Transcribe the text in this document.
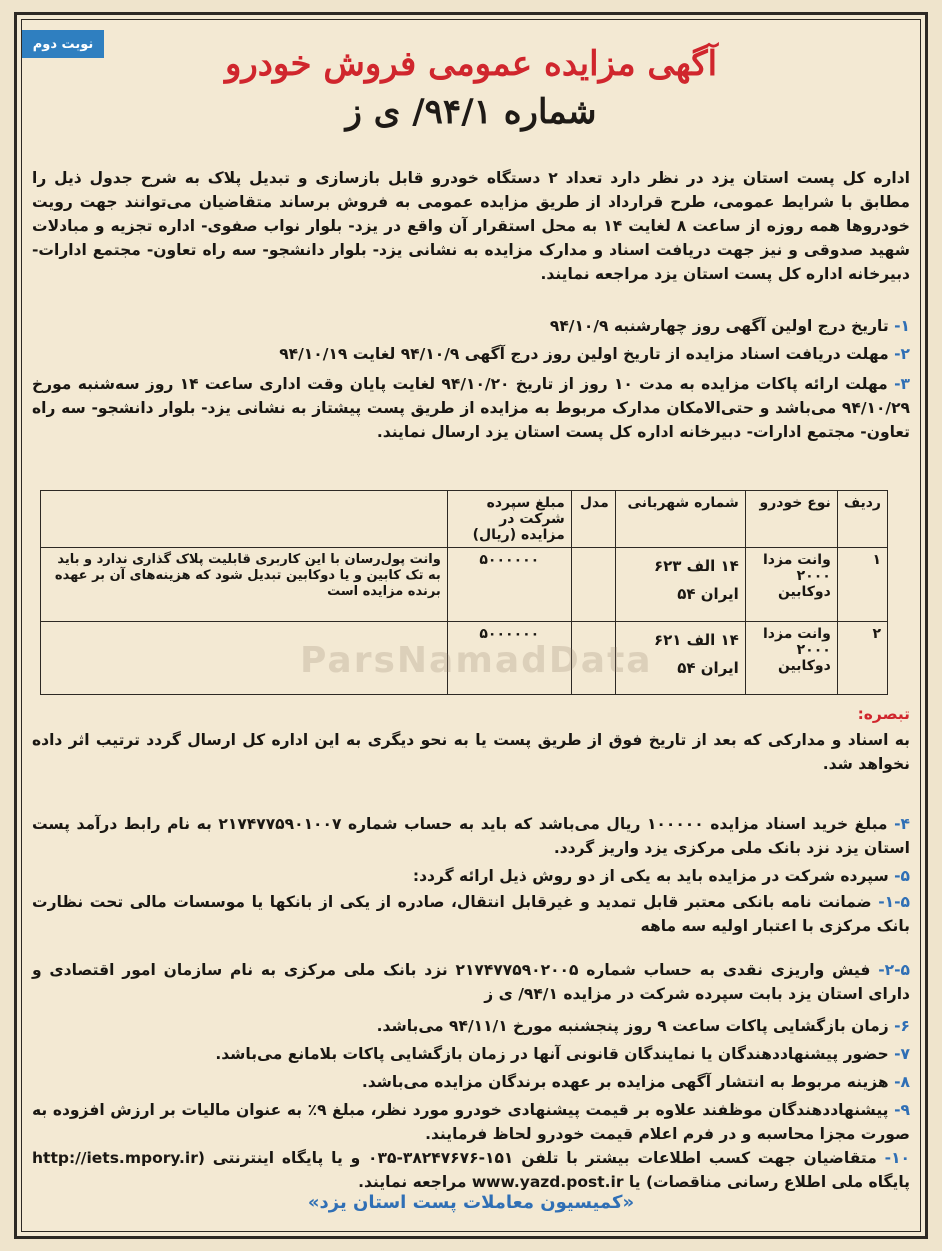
نوبت دوم	آگهی مزایده عمومی فروش خودرو
شماره ۹۴/۱/ ی ز
اداره کل پست استان یزد در نظر دارد تعداد ۲ دستگاه خودرو قابل بازسازی و تبدیل پلاک به شرح جدول ذیل را مطابق با شرایط عمومی، طرح قرارداد از طریق مزایده عمومی به فروش برساند متقاضیان می‌توانند جهت رویت خودروها همه روزه از ساعت ۸ لغایت ۱۴ به محل استقرار آن واقع در یزد- بلوار نواب صفوی- اداره تجزیه و مبادلات شهید صدوقی و نیز جهت دریافت اسناد و مدارک مزایده به نشانی یزد- بلوار دانشجو- سه راه تعاون- مجتمع ادارات- دبیرخانه اداره کل پست استان یزد مراجعه نمایند.
۱- تاریخ درج اولین آگهی روز چهارشنبه ۹۴/۱۰/۹
۲- مهلت دریافت اسناد مزایده از تاریخ اولین روز درج آگهی ۹۴/۱۰/۹ لغایت ۹۴/۱۰/۱۹
۳- مهلت ارائه پاکات مزایده به مدت ۱۰ روز از تاریخ ۹۴/۱۰/۲۰ لغایت پایان وقت اداری ساعت ۱۴ روز سه‌شنبه مورخ ۹۴/۱۰/۲۹ می‌باشد و حتی‌الامکان مدارک مربوط به مزایده از طریق پست پیشتاز به نشانی یزد- بلوار دانشجو- سه راه تعاون- مجتمع ادارات- دبیرخانه اداره کل پست استان یزد ارسال نمایند.
ردیف	نوع خودرو	شماره شهربانی	مدل	مبلغ سپرده شرکت در مزایده (ریال)	
۱	وانت مزدا ۲۰۰۰ دوکابین	۱۴ الف ۶۲۳ ایران ۵۴		۵۰۰۰۰۰۰	وانت پول‌رسان با این کاربری قابلیت پلاک گذاری ندارد و باید به تک کابین و یا دوکابین تبدیل شود که هزینه‌های آن بر عهده برنده مزایده است
۲	وانت مزدا ۲۰۰۰ دوکابین	۱۴ الف ۶۲۱ ایران ۵۴		۵۰۰۰۰۰۰	
ParsNamadData
تبصره:
به اسناد و مدارکی که بعد از تاریخ فوق از طریق پست یا به نحو دیگری به این اداره کل ارسال گردد ترتیب اثر داده نخواهد شد.
۴- مبلغ خرید اسناد مزایده ۱۰۰۰۰۰ ریال می‌باشد که باید به حساب شماره ۲۱۷۴۷۷۵۹۰۱۰۰۷ به نام رابط درآمد پست استان یزد نزد بانک ملی مرکزی یزد واریز گردد.
۵- سپرده شرکت در مزایده باید به یکی از دو روش ذیل ارائه گردد:
۱-۵- ضمانت نامه بانکی معتبر قابل تمدید و غیرقابل انتقال، صادره از یکی از بانکها یا موسسات مالی تحت نظارت بانک مرکزی با اعتبار اولیه سه ماهه
۲-۵- فیش واریزی نقدی به حساب شماره ۲۱۷۴۷۷۵۹۰۲۰۰۵ نزد بانک ملی مرکزی به نام سازمان امور اقتصادی و دارای استان یزد بابت سپرده شرکت در مزایده ۹۴/۱/ ی ز
۶- زمان بازگشایی پاکات ساعت ۹ روز پنجشنبه مورخ ۹۴/۱۱/۱ می‌باشد.
۷- حضور پیشنهاددهندگان یا نمایندگان قانونی آنها در زمان بازگشایی پاکات بلامانع می‌باشد.
۸- هزینه مربوط به انتشار آگهی مزایده بر عهده برندگان مزایده می‌باشد.
۹- پیشنهاددهندگان موظفند علاوه بر قیمت پیشنهادی خودرو مورد نظر، مبلغ ۹٪ به عنوان مالیات بر ارزش افزوده به صورت مجزا محاسبه و در فرم اعلام قیمت خودرو لحاظ فرمایند.
۱۰- متقاضیان جهت کسب اطلاعات بیشتر با تلفن ۱۵۱-۳۸۲۴۷۶۷۶-۰۳۵ و یا پایگاه اینترنتی (http://iets.mpory.ir پایگاه ملی اطلاع رسانی مناقصات) یا www.yazd.post.ir مراجعه نمایند.
«کمیسیون معاملات پست استان یزد»
